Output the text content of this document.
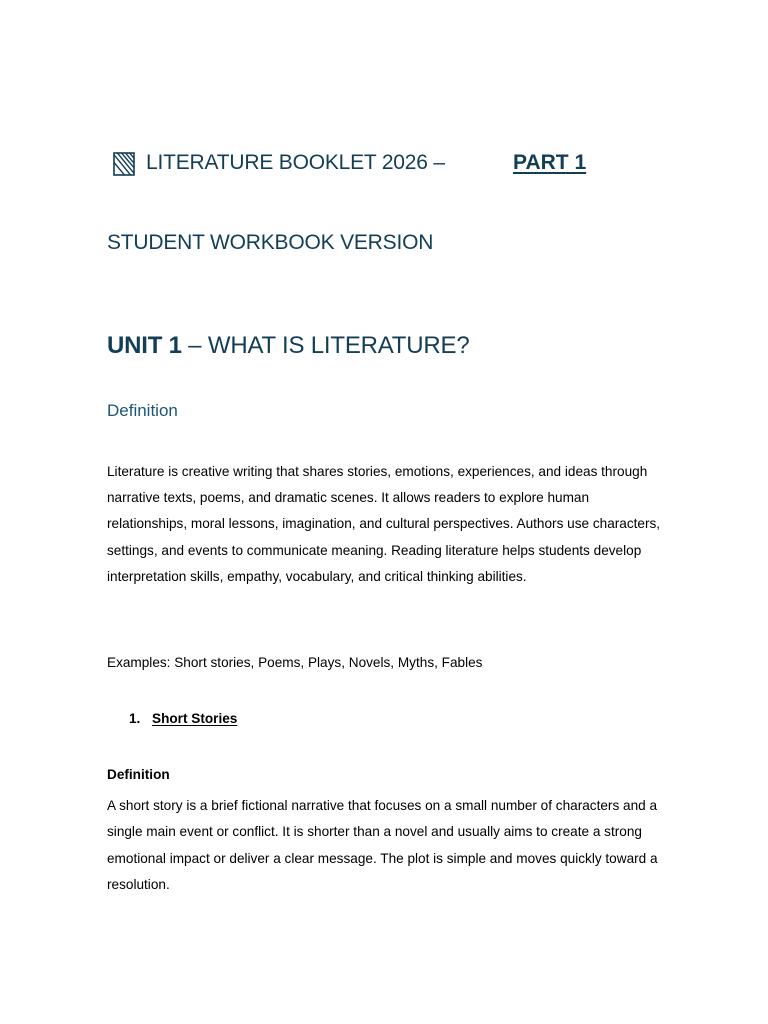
LITERATURE BOOKLET 2026 –	PART 1
STUDENT WORKBOOK VERSION
UNIT 1 – WHAT IS LITERATURE?
Definition

Literature is creative writing that shares stories, emotions, experiences, and ideas through narrative texts, poems, and dramatic scenes. It allows readers to explore human relationships, moral lessons, imagination, and cultural perspectives. Authors use characters, settings, and events to communicate meaning. Reading literature helps students develop interpretation skills, empathy, vocabulary, and critical thinking abilities.

Examples: Short stories, Poems, Plays, Novels, Myths, Fables
1. Short Stories
Definition

A short story is a brief fictional narrative that focuses on a small number of characters and a single main event or conflict. It is shorter than a novel and usually aims to create a strong emotional impact or deliver a clear message. The plot is simple and moves quickly toward a resolution.
